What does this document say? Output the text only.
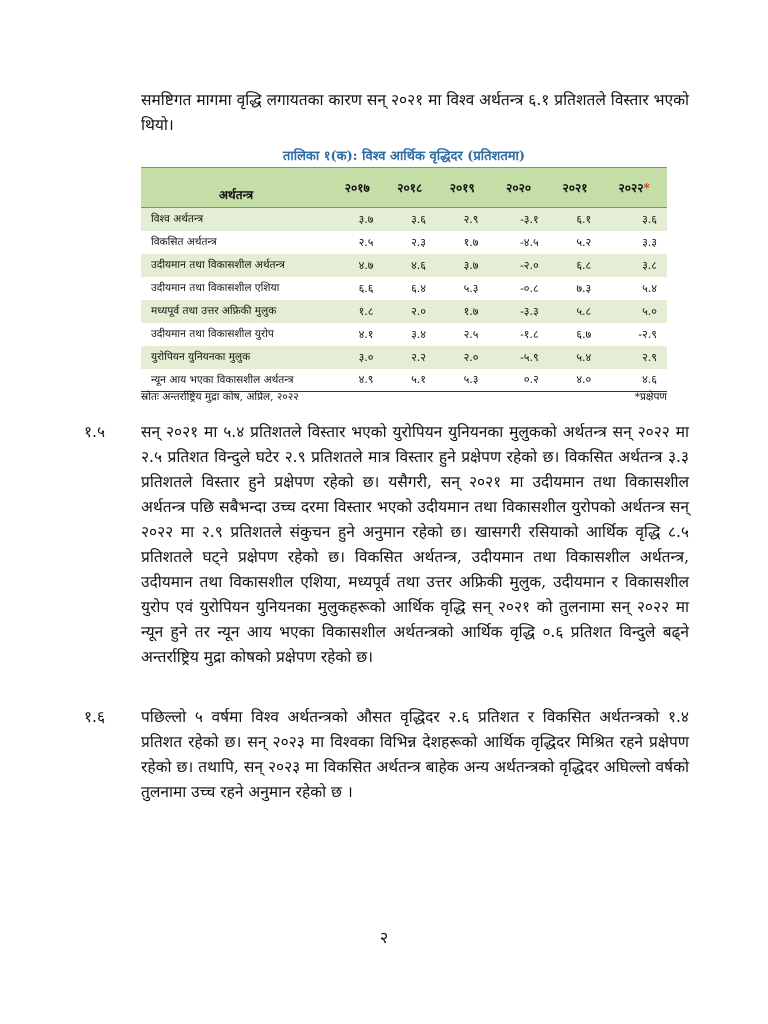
समष्टिगत मागमा वृद्धि लगायतका कारण सन् २०२१ मा विश्व अर्थतन्त्र ६.१ प्रतिशतले विस्तार भएको थियो।

तालिका १(क): विश्व आर्थिक वृद्धिदर (प्रतिशतमा)

अर्थतन्त्र	२०१७	२०१८	२०१९	२०२०	२०२१	२०२२*
विश्व अर्थतन्त्र	३.७	३.६	२.९	-३.१	६.१	३.६
विकसित अर्थतन्त्र	२.५	२.३	१.७	-४.५	५.२	३.३
उदीयमान तथा विकासशील अर्थतन्त्र	४.७	४.६	३.७	-२.०	६.८	३.८
उदीयमान तथा विकासशील एशिया	६.६	६.४	५.३	-०.८	७.३	५.४
मध्यपूर्व तथा उत्तर अफ्रिकी मुलुक	१.८	२.०	१.७	-३.३	५.८	५.०
उदीयमान तथा विकासशील युरोप	४.१	३.४	२.५	-१.८	६.७	-२.९
युरोपियन युनियनका मुलुक	३.०	२.२	२.०	-५.९	५.४	२.९
न्यून आय भएका विकासशील अर्थतन्त्र	४.९	५.१	५.३	०.२	४.०	४.६
स्रोतः अन्तर्राष्ट्रिय मुद्रा कोष, अप्रिल, २०२२	*प्रक्षेपण
१.५ सन् २०२१ मा ५.४ प्रतिशतले विस्तार भएको युरोपियन युनियनका मुलुकको अर्थतन्त्र सन् २०२२ मा २.५ प्रतिशत विन्दुले घटेर २.९ प्रतिशतले मात्र विस्तार हुने प्रक्षेपण रहेको छ। विकसित अर्थतन्त्र ३.३ प्रतिशतले विस्तार हुने प्रक्षेपण रहेको छ। यसैगरी, सन् २०२१ मा उदीयमान तथा विकासशील अर्थतन्त्र पछि सबैभन्दा उच्च दरमा विस्तार भएको उदीयमान तथा विकासशील युरोपको अर्थतन्त्र सन् २०२२ मा २.९ प्रतिशतले संकुचन हुने अनुमान रहेको छ। खासगरी रसियाको आर्थिक वृद्धि ८.५ प्रतिशतले घट्ने प्रक्षेपण रहेको छ। विकसित अर्थतन्त्र, उदीयमान तथा विकासशील अर्थतन्त्र, उदीयमान तथा विकासशील एशिया, मध्यपूर्व तथा उत्तर अफ्रिकी मुलुक, उदीयमान र विकासशील युरोप एवं युरोपियन युनियनका मुलुकहरूको आर्थिक वृद्धि सन् २०२१ को तुलनामा सन् २०२२ मा न्यून हुने तर न्यून आय भएका विकासशील अर्थतन्त्रको आर्थिक वृद्धि ०.६ प्रतिशत विन्दुले बढ्ने अन्तर्राष्ट्रिय मुद्रा कोषको प्रक्षेपण रहेको छ।

१.६ पछिल्लो ५ वर्षमा विश्व अर्थतन्त्रको औसत वृद्धिदर २.६ प्रतिशत र विकसित अर्थतन्त्रको १.४ प्रतिशत रहेको छ। सन् २०२३ मा विश्वका विभिन्न देशहरूको आर्थिक वृद्धिदर मिश्रित रहने प्रक्षेपण रहेको छ। तथापि, सन् २०२३ मा विकसित अर्थतन्त्र बाहेक अन्य अर्थतन्त्रको वृद्धिदर अघिल्लो वर्षको तुलनामा उच्च रहने अनुमान रहेको छ ।

२
